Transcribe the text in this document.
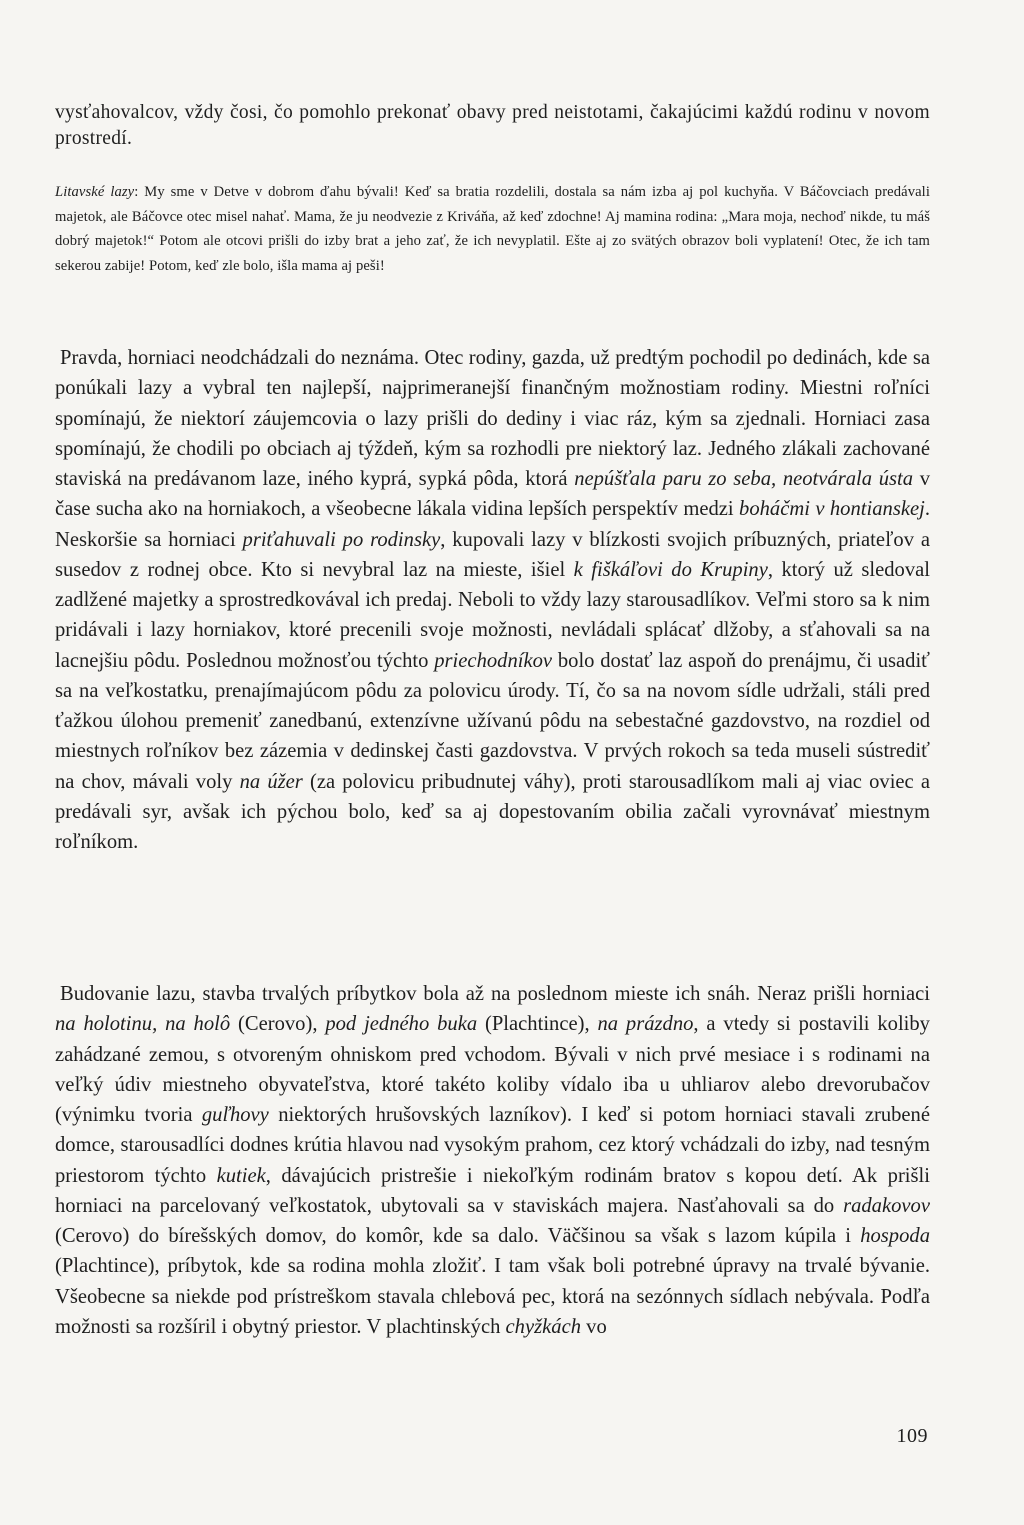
vysťahovalcov, vždy čosi, čo pomohlo prekonať obavy pred neistotami, čakajúcimi každú rodinu v novom prostredí.

Litavské lazy: My sme v Detve v dobrom ďahu bývali! Keď sa bratia rozdelili, dostala sa nám izba aj pol kuchyňa. V Báčovciach predávali majetok, ale Báčovce otec misel nahať. Mama, že ju neodvezie z Kriváňa, až keď zdochne! Aj mamina rodina: „Mara moja, nechoď nikde, tu máš dobrý majetok!“ Potom ale otcovi prišli do izby brat a jeho zať, že ich nevyplatil. Ešte aj zo svätých obrazov boli vyplatení! Otec, že ich tam sekerou zabije! Potom, keď zle bolo, išla mama aj peši!

Pravda, horniaci neodchádzali do neznáma. Otec rodiny, gazda, už predtým pochodil po dedinách, kde sa ponúkali lazy a vybral ten najlepší, najprimeranejší finančným možnostiam rodiny. Miestni roľníci spomínajú, že niektorí záujemcovia o lazy prišli do dediny i viac ráz, kým sa zjednali. Horniaci zasa spomínajú, že chodili po obciach aj týždeň, kým sa rozhodli pre niektorý laz. Jedného zlákali zachované staviská na predávanom laze, iného kyprá, sypká pôda, ktorá nepúšťala paru zo seba, neotvárala ústa v čase sucha ako na horniakoch, a všeobecne lákala vidina lepších perspektív medzi boháčmi v hontianskej. Neskoršie sa horniaci priťahuvali po rodinsky, kupovali lazy v blízkosti svojich príbuzných, priateľov a susedov z rodnej obce. Kto si nevybral laz na mieste, išiel k fiškáľovi do Krupiny, ktorý už sledoval zadlžené majetky a sprostredkovával ich predaj. Neboli to vždy lazy starousadlíkov. Veľmi storo sa k nim pridávali i lazy horniakov, ktoré precenili svoje možnosti, nevládali splácať dlžoby, a sťahovali sa na lacnejšiu pôdu. Poslednou možnosťou týchto priechodníkov bolo dostať laz aspoň do prenájmu, či usadiť sa na veľkostatku, prenajímajúcom pôdu za polovicu úrody. Tí, čo sa na novom sídle udržali, stáli pred ťažkou úlohou premeniť zanedbanú, extenzívne užívanú pôdu na sebestačné gazdovstvo, na rozdiel od miestnych roľníkov bez zázemia v dedinskej časti gazdovstva. V prvých rokoch sa teda museli sústrediť na chov, mávali voly na úžer (za polovicu pribudnutej váhy), proti starousadlíkom mali aj viac oviec a predávali syr, avšak ich pýchou bolo, keď sa aj dopestovaním obilia začali vyrovnávať miestnym roľníkom.

Budovanie lazu, stavba trvalých príbytkov bola až na poslednom mieste ich snáh. Neraz prišli horniaci na holotinu, na holô (Cerovo), pod jedného buka (Plachtince), na prázdno, a vtedy si postavili koliby zahádzané zemou, s otvoreným ohniskom pred vchodom. Bývali v nich prvé mesiace i s rodinami na veľký údiv miestneho obyvateľstva, ktoré takéto koliby vídalo iba u uhliarov alebo drevorubačov (výnimku tvoria guľhovy niektorých hrušovských lazníkov). I keď si potom horniaci stavali zrubené domce, starousadlíci dodnes krútia hlavou nad vysokým prahom, cez ktorý vchádzali do izby, nad tesným priestorom týchto kutiek, dávajúcich pristrešie i niekoľkým rodinám bratov s kopou detí. Ak prišli horniaci na parcelovaný veľkostatok, ubytovali sa v staviskách majera. Nasťahovali sa do radakovov (Cerovo) do bírešských domov, do komôr, kde sa dalo. Väčšinou sa však s lazom kúpila i hospoda (Plachtince), príbytok, kde sa rodina mohla zložiť. I tam však boli potrebné úpravy na trvalé bývanie. Všeobecne sa niekde pod prístreškom stavala chlebová pec, ktorá na sezónnych sídlach nebývala. Podľa možnosti sa rozšíril i obytný priestor. V plachtinských chyžkách vo

109
